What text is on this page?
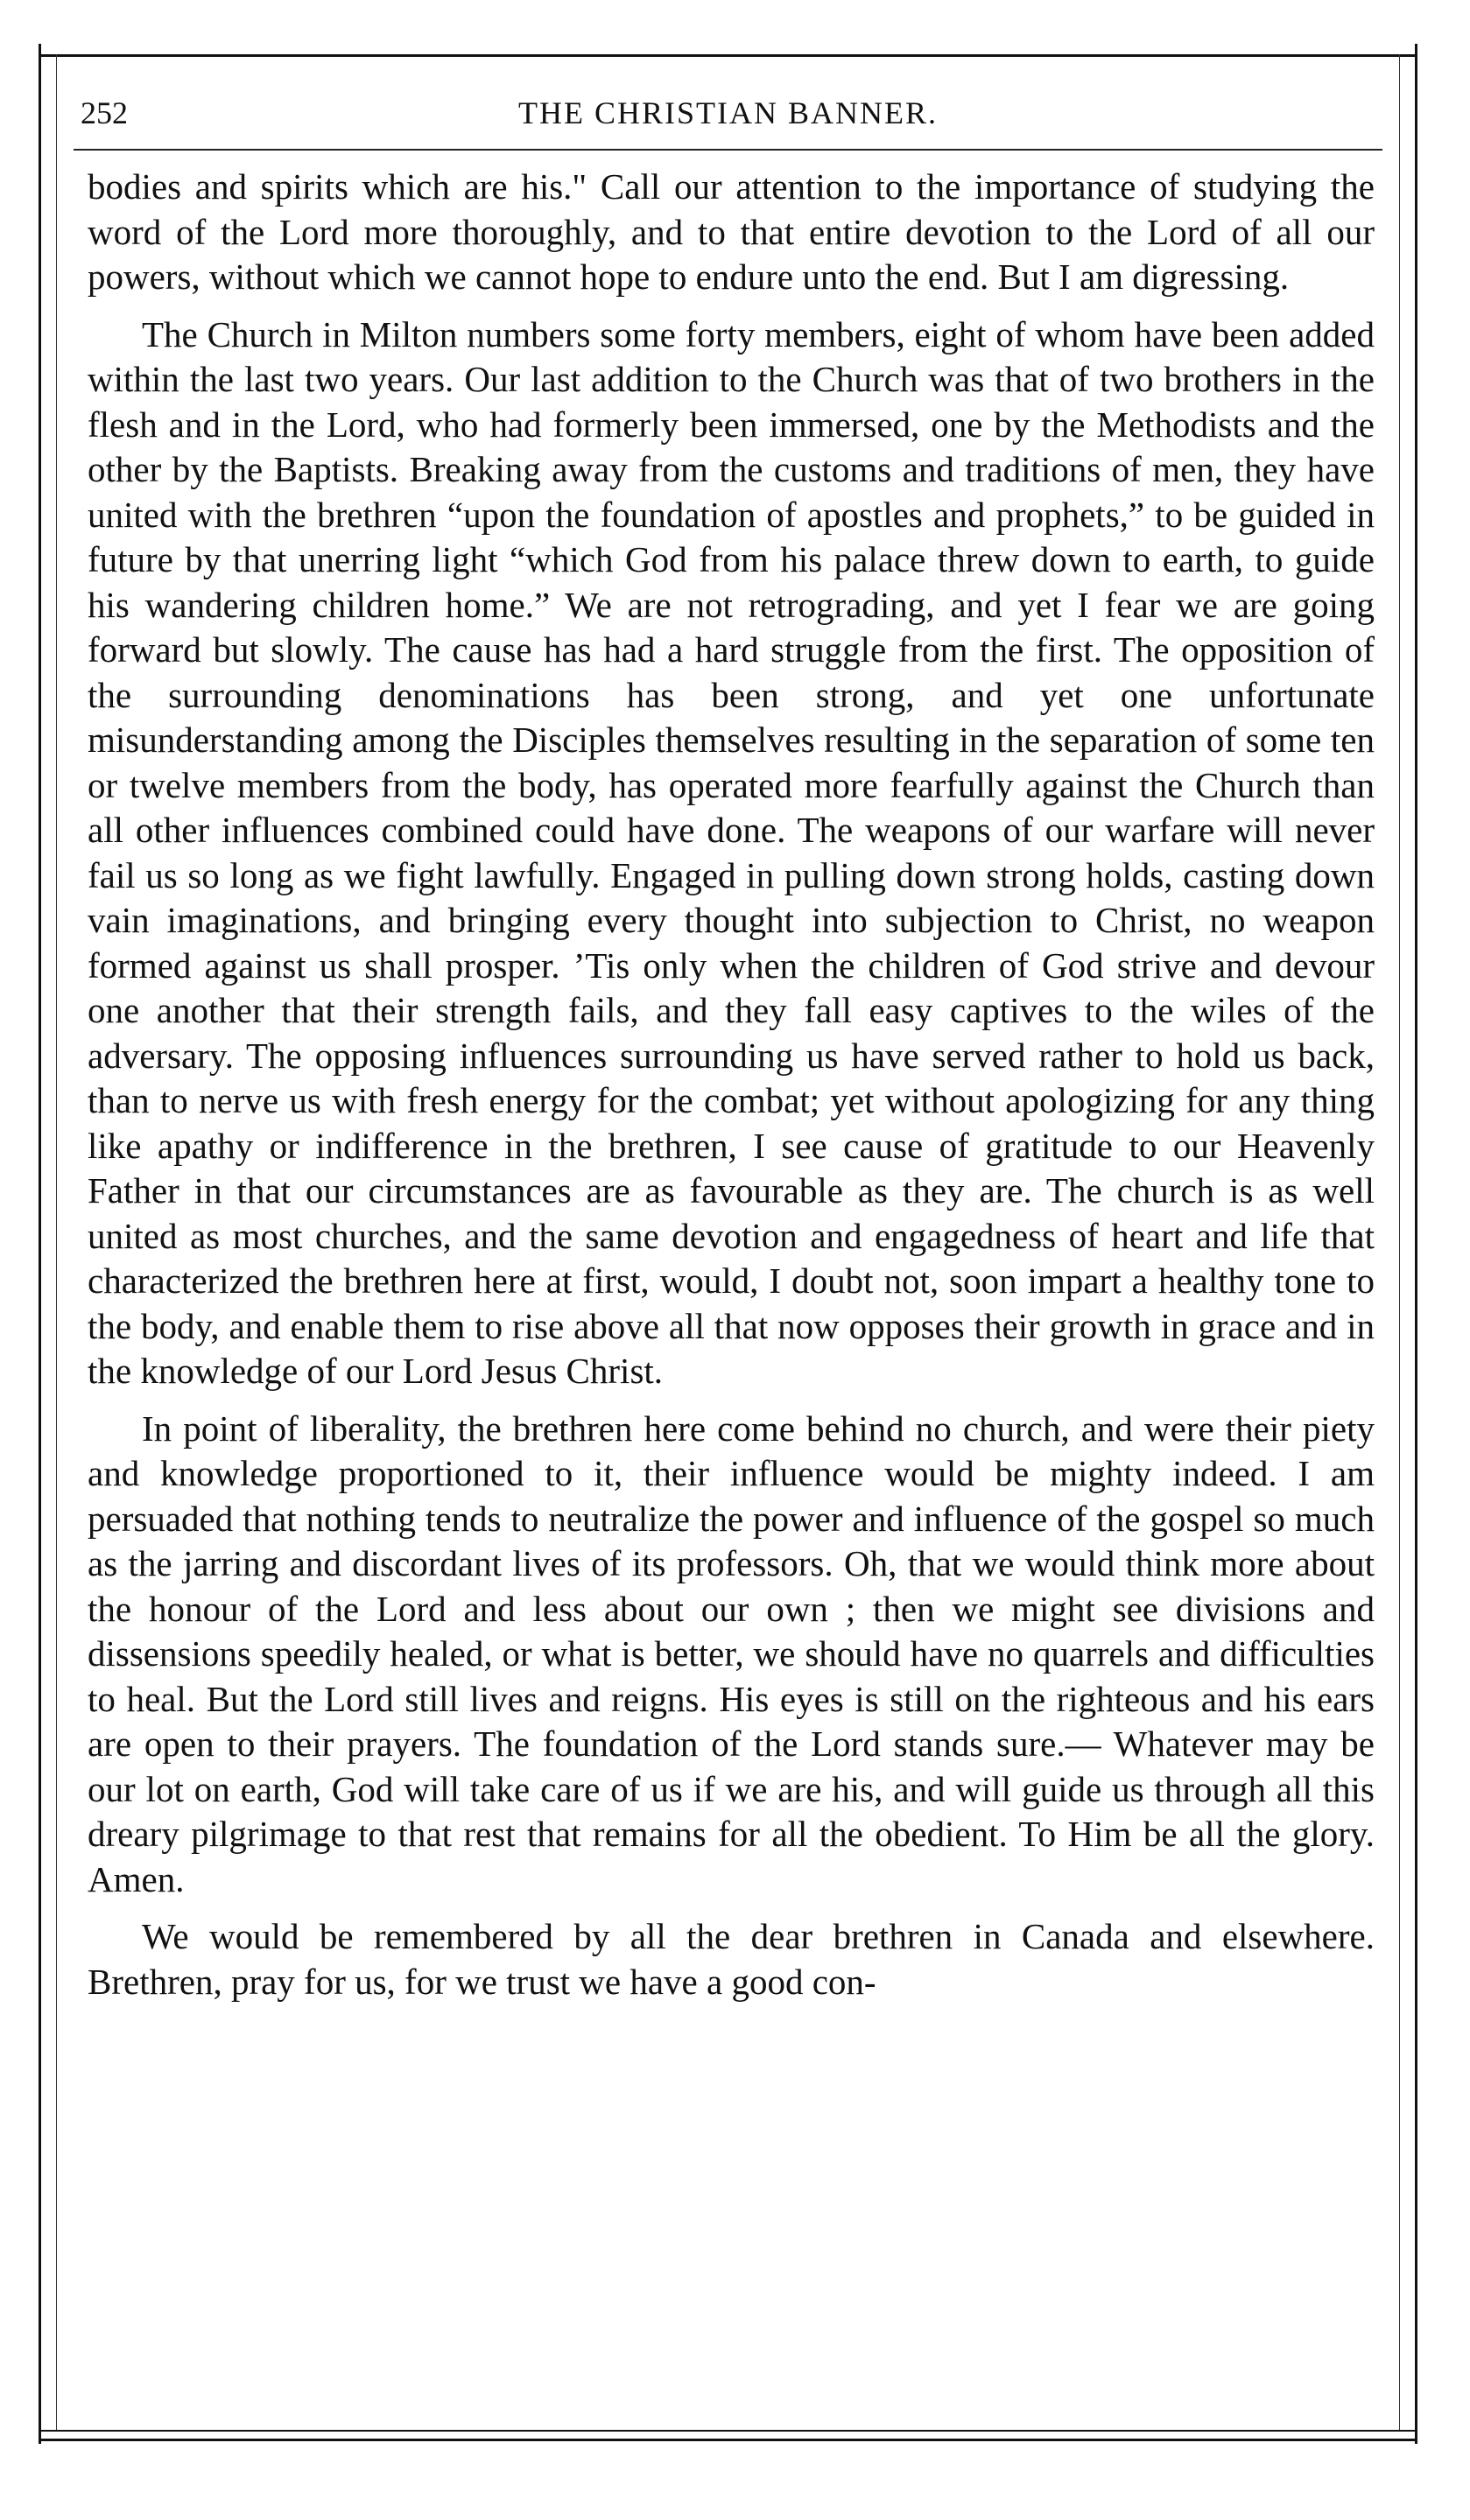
252	THE CHRISTIAN BANNER.

bodies and spirits which are his." Call our attention to the importance of studying the word of the Lord more thoroughly, and to that entire devotion to the Lord of all our powers, without which we cannot hope to endure unto the end. But I am digressing.

The Church in Milton numbers some forty members, eight of whom have been added within the last two years. Our last addition to the Church was that of two brothers in the flesh and in the Lord, who had formerly been immersed, one by the Methodists and the other by the Baptists. Breaking away from the customs and traditions of men, they have united with the brethren “upon the foundation of apostles and prophets,” to be guided in future by that unerring light “which God from his palace threw down to earth, to guide his wandering children home.” We are not retrograding, and yet I fear we are going forward but slowly. The cause has had a hard struggle from the first. The opposition of the surrounding denominations has been strong, and yet one unfortunate misunderstanding among the Disciples themselves resulting in the separation of some ten or twelve members from the body, has operated more fearfully against the Church than all other influences combined could have done. The weapons of our warfare will never fail us so long as we fight lawfully. Engaged in pulling down strong holds, casting down vain imaginations, and bringing every thought into subjection to Christ, no weapon formed against us shall prosper. ’Tis only when the children of God strive and devour one another that their strength fails, and they fall easy captives to the wiles of the adversary. The opposing influences surrounding us have served rather to hold us back, than to nerve us with fresh energy for the combat; yet without apologizing for any thing like apathy or indifference in the brethren, I see cause of gratitude to our Heavenly Father in that our circumstances are as favourable as they are. The church is as well united as most churches, and the same devotion and engagedness of heart and life that characterized the brethren here at first, would, I doubt not, soon impart a healthy tone to the body, and enable them to rise above all that now opposes their growth in grace and in the knowledge of our Lord Jesus Christ.

In point of liberality, the brethren here come behind no church, and were their piety and knowledge proportioned to it, their influence would be mighty indeed. I am persuaded that nothing tends to neutralize the power and influence of the gospel so much as the jarring and discordant lives of its professors. Oh, that we would think more about the honour of the Lord and less about our own ; then we might see divisions and dissensions speedily healed, or what is better, we should have no quarrels and difficulties to heal. But the Lord still lives and reigns. His eyes is still on the righteous and his ears are open to their prayers. The foundation of the Lord stands sure.— Whatever may be our lot on earth, God will take care of us if we are his, and will guide us through all this dreary pilgrimage to that rest that remains for all the obedient. To Him be all the glory. Amen.

We would be remembered by all the dear brethren in Canada and elsewhere. Brethren, pray for us, for we trust we have a good con-
